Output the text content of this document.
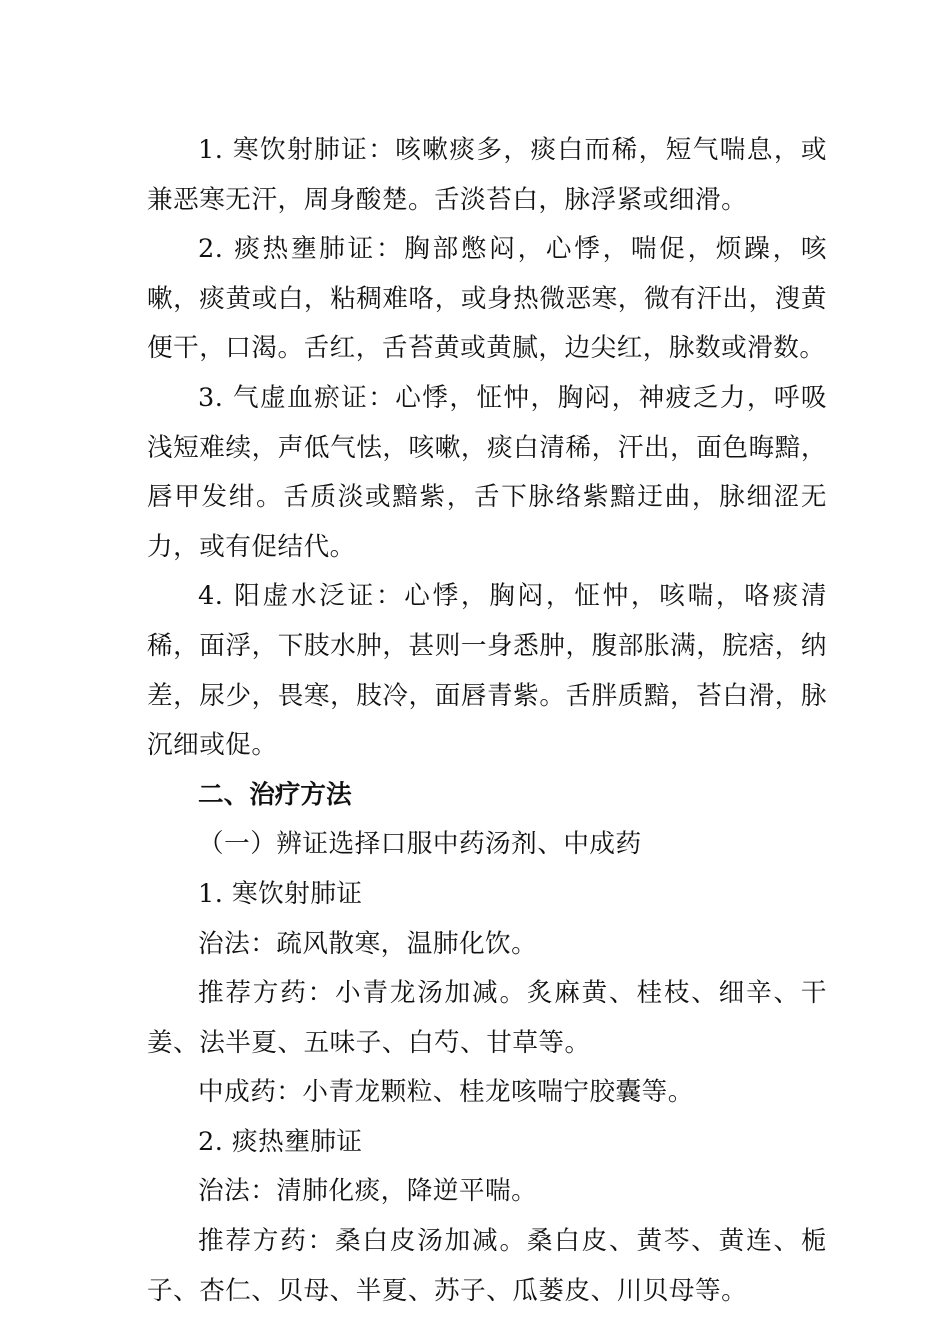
1. 寒饮射肺证：咳嗽痰多，痰白而稀，短气喘息，或兼恶寒无汗，周身酸楚。舌淡苔白，脉浮紧或细滑。

2. 痰热壅肺证：胸部憋闷，心悸，喘促，烦躁，咳嗽，痰黄或白，粘稠难咯，或身热微恶寒，微有汗出，溲黄便干，口渴。舌红，舌苔黄或黄腻，边尖红，脉数或滑数。

3. 气虚血瘀证：心悸，怔忡，胸闷，神疲乏力，呼吸浅短难续，声低气怯，咳嗽，痰白清稀，汗出，面色晦黯，唇甲发绀。舌质淡或黯紫，舌下脉络紫黯迂曲，脉细涩无力，或有促结代。

4. 阳虚水泛证：心悸，胸闷，怔忡，咳喘，咯痰清稀，面浮，下肢水肿，甚则一身悉肿，腹部胀满，脘痞，纳差，尿少，畏寒，肢冷，面唇青紫。舌胖质黯，苔白滑，脉沉细或促。

二、治疗方法

（一）辨证选择口服中药汤剂、中成药

1. 寒饮射肺证

治法：疏风散寒，温肺化饮。

推荐方药：小青龙汤加减。炙麻黄、桂枝、细辛、干姜、法半夏、五味子、白芍、甘草等。

中成药：小青龙颗粒、桂龙咳喘宁胶囊等。

2. 痰热壅肺证

治法：清肺化痰，降逆平喘。

推荐方药：桑白皮汤加减。桑白皮、黄芩、黄连、栀子、杏仁、贝母、半夏、苏子、瓜蒌皮、川贝母等。
